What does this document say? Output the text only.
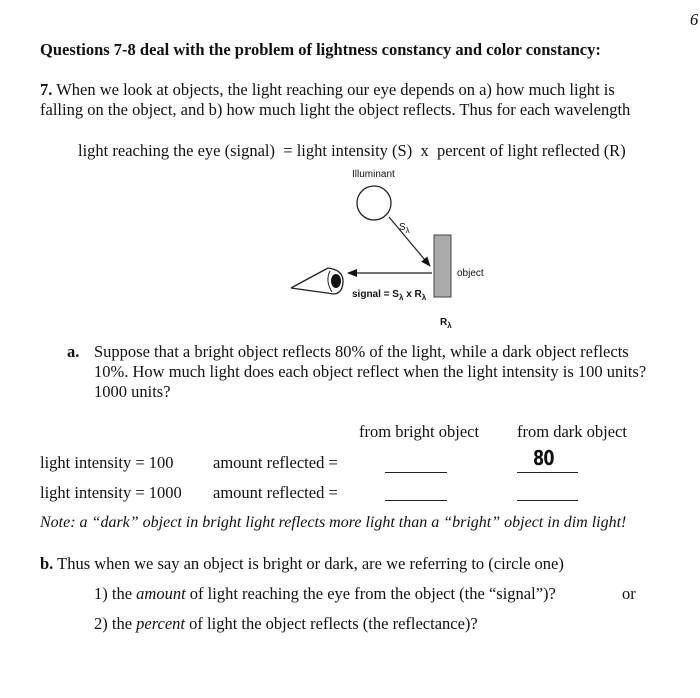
6
Questions 7-8 deal with the problem of lightness constancy and color constancy:
7. When we look at objects, the light reaching our eye depends on a) how much light is
falling on the object, and b) how much light the object reflects. Thus for each wavelength
light reaching the eye (signal)  = light intensity (S)  x  percent of light reflected (R)
Illuminant
$S_\lambda$
object
signal = $S_\lambda$ x $R_\lambda$
$R_\lambda$
a. Suppose that a bright object reflects 80% of the light, while a dark object reflects
10%. How much light does each object reflect when the light intensity is 100 units?
1000 units?
from bright object from dark object
light intensity = 100 amount reflected =	80
light intensity = 1000 amount reflected =
Note: a “dark” object in bright light reflects more light than a “bright” object in dim light!
b. Thus when we say an object is bright or dark, are we referring to (circle one)
1) the amount of light reaching the eye from the object (the “signal”)?	or
2) the percent of light the object reflects (the reflectance)?
